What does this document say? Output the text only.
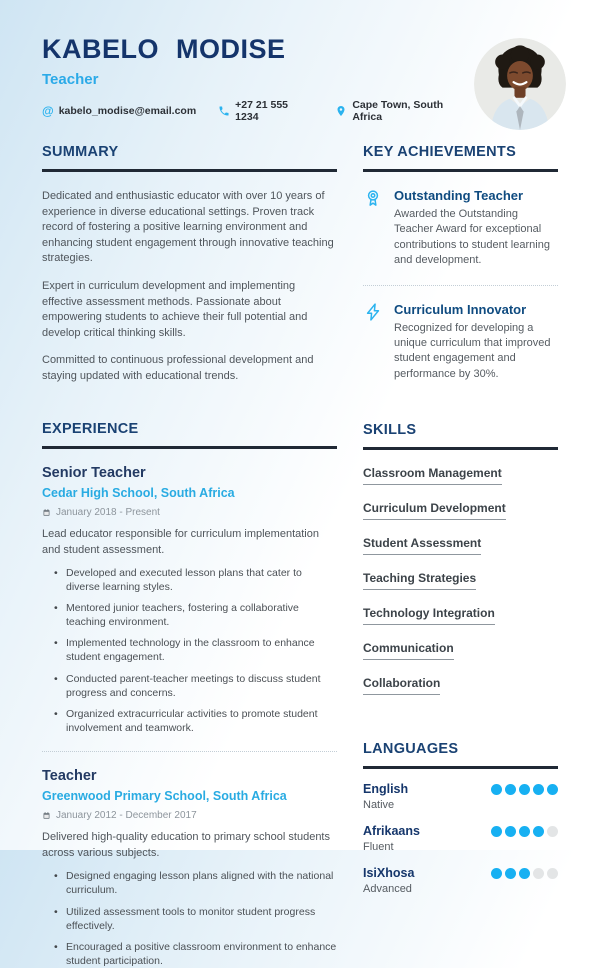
KABELO MODISE
Teacher
@ kabelo_modise@email.com	+27 21 555 1234
Cape Town, South Africa
SUMMARY

Dedicated and enthusiastic educator with over 10 years of experience in diverse educational settings. Proven track record of fostering a positive learning environment and enhancing student engagement through innovative teaching strategies.

Expert in curriculum development and implementing effective assessment methods. Passionate about empowering students to achieve their full potential and develop critical thinking skills.

Committed to continuous professional development and staying updated with educational trends.

EXPERIENCE
Senior Teacher
Cedar High School, South Africa
January 2018 - Present
Lead educator responsible for curriculum implementation and student assessment.
• Developed and executed lesson plans that cater to diverse learning styles.
• Mentored junior teachers, fostering a collaborative teaching environment.
• Implemented technology in the classroom to enhance student engagement.
• Conducted parent-teacher meetings to discuss student progress and concerns.
• Organized extracurricular activities to promote student involvement and teamwork.
Teacher
Greenwood Primary School, South Africa
January 2012 - December 2017
Delivered high-quality education to primary school students across various subjects.
• Designed engaging lesson plans aligned with the national curriculum.
• Utilized assessment tools to monitor student progress effectively.
• Encouraged a positive classroom environment to enhance student participation.
KEY ACHIEVEMENTS
Outstanding Teacher
Awarded the Outstanding Teacher Award for exceptional contributions to student learning and development.
Curriculum Innovator
Recognized for developing a unique curriculum that improved student engagement and performance by 30%.
SKILLS
Classroom Management Curriculum Development Student Assessment Teaching Strategies Technology Integration Communication Collaboration
LANGUAGES
English
Native
Afrikaans
Fluent
IsiXhosa
Advanced
